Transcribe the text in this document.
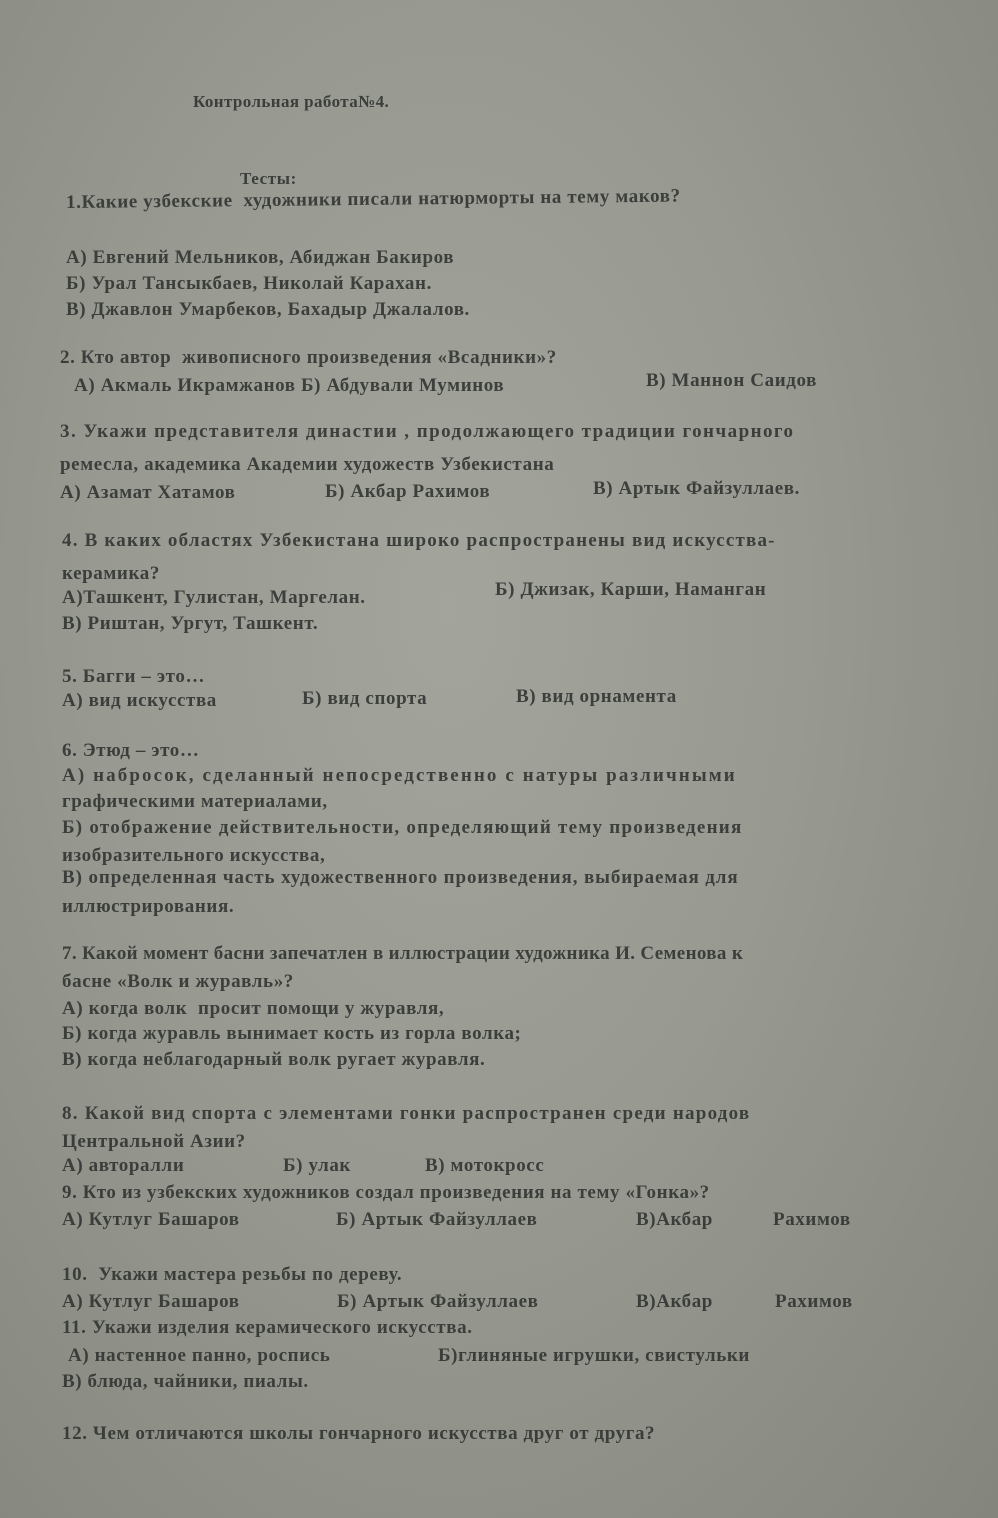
Контрольная работа№4.
Тесты:
1.Какие узбекские  художники писали натюрморты на тему маков?
А) Евгений Мельников, Абиджан Бакиров
Б) Урал Тансыкбаев, Николай Карахан.
В) Джавлон Умарбеков, Бахадыр Джалалов.
2. Кто автор  живописного произведения «Всадники»?
А) Акмаль Икрамжанов Б) Абдували Муминов	В) Маннон Саидов
3. Укажи представителя династии , продолжающего традиции гончарного
ремесла, академика Академии художеств Узбекистана
А) Азамат Хатамов	Б) Акбар Рахимов	В) Артык Файзуллаев.
4. В каких областях Узбекистана широко распространены вид искусства-
керамика?
А)Ташкент, Гулистан, Маргелан.	Б) Джизак, Карши, Наманган
В) Риштан, Ургут, Ташкент.
5. Багги – это…
А) вид искусства	Б) вид спорта	В) вид орнамента
6. Этюд – это…
А) набросок, сделанный непосредственно с натуры различными
графическими материалами,
Б) отображение действительности, определяющий тему произведения
изобразительного искусства,
В) определенная часть художественного произведения, выбираемая для
иллюстрирования.
7. Какой момент басни запечатлен в иллюстрации художника И. Семенова к
басне «Волк и журавль»?
А) когда волк  просит помощи у журавля,
Б) когда журавль вынимает кость из горла волка;
В) когда неблагодарный волк ругает журавля.
8. Какой вид спорта с элементами гонки распространен среди народов
Центральной Азии?
А) авторалли	Б) улак	В) мотокросс
9. Кто из узбекских художников создал произведения на тему «Гонка»?
А) Кутлуг Башаров	Б) Артык Файзуллаев	В)Акбар	Рахимов
10.  Укажи мастера резьбы по дереву.
А) Кутлуг Башаров	Б) Артык Файзуллаев	В)Акбар	Рахимов
11. Укажи изделия керамического искусства.
А) настенное панно, роспись	Б)глиняные игрушки, свистульки
В) блюда, чайники, пиалы.
12. Чем отличаются школы гончарного искусства друг от друга?
